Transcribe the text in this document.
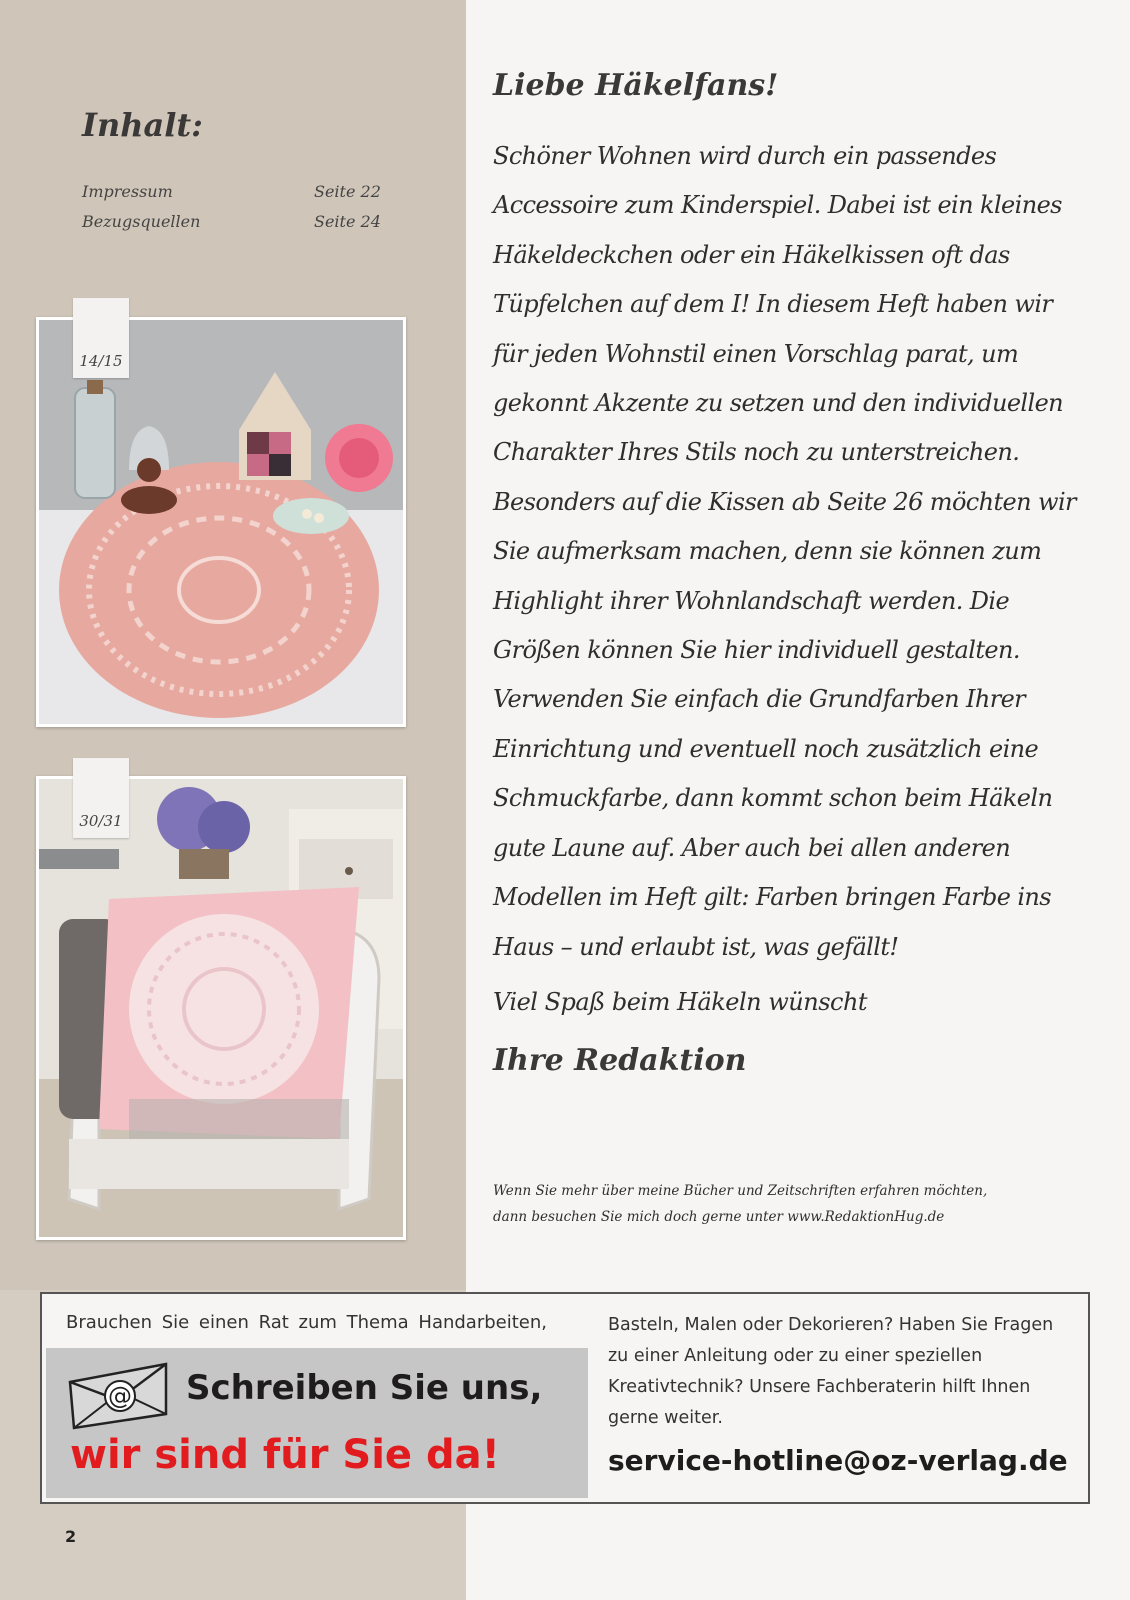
Inhalt:
Impressum	Seite 22
Bezugsquellen	Seite 24
14/15
30/31
Liebe Häkelfans!
Schöner Wohnen wird durch ein passendes
Accessoire zum Kinderspiel. Dabei ist ein kleines
Häkeldeckchen oder ein Häkelkissen oft das
Tüpfelchen auf dem I! In diesem Heft haben wir
für jeden Wohnstil einen Vorschlag parat, um
gekonnt Akzente zu setzen und den individuellen
Charakter Ihres Stils noch zu unterstreichen.
Besonders auf die Kissen ab Seite 26 möchten wir
Sie aufmerksam machen, denn sie können zum
Highlight ihrer Wohnlandschaft werden. Die
Größen können Sie hier individuell gestalten.
Verwenden Sie einfach die Grundfarben Ihrer
Einrichtung und eventuell noch zusätzlich eine
Schmuckfarbe, dann kommt schon beim Häkeln
gute Laune auf. Aber auch bei allen anderen
Modellen im Heft gilt: Farben bringen Farbe ins
Haus – und erlaubt ist, was gefällt!
Viel Spaß beim Häkeln wünscht
Ihre Redaktion
Wenn Sie mehr über meine Bücher und Zeitschriften erfahren möchten,
dann besuchen Sie mich doch gerne unter www.RedaktionHug.de
Brauchen Sie einen Rat zum Thema Handarbeiten,	Basteln, Malen oder Dekorieren? Haben Sie Fragen zu einer Anleitung oder zu einer speziellen Kreativtechnik? Unsere Fachberaterin hilft Ihnen gerne weiter.
@ Schreiben Sie uns,
wir sind für Sie da!	service-hotline@oz-verlag.de
2
